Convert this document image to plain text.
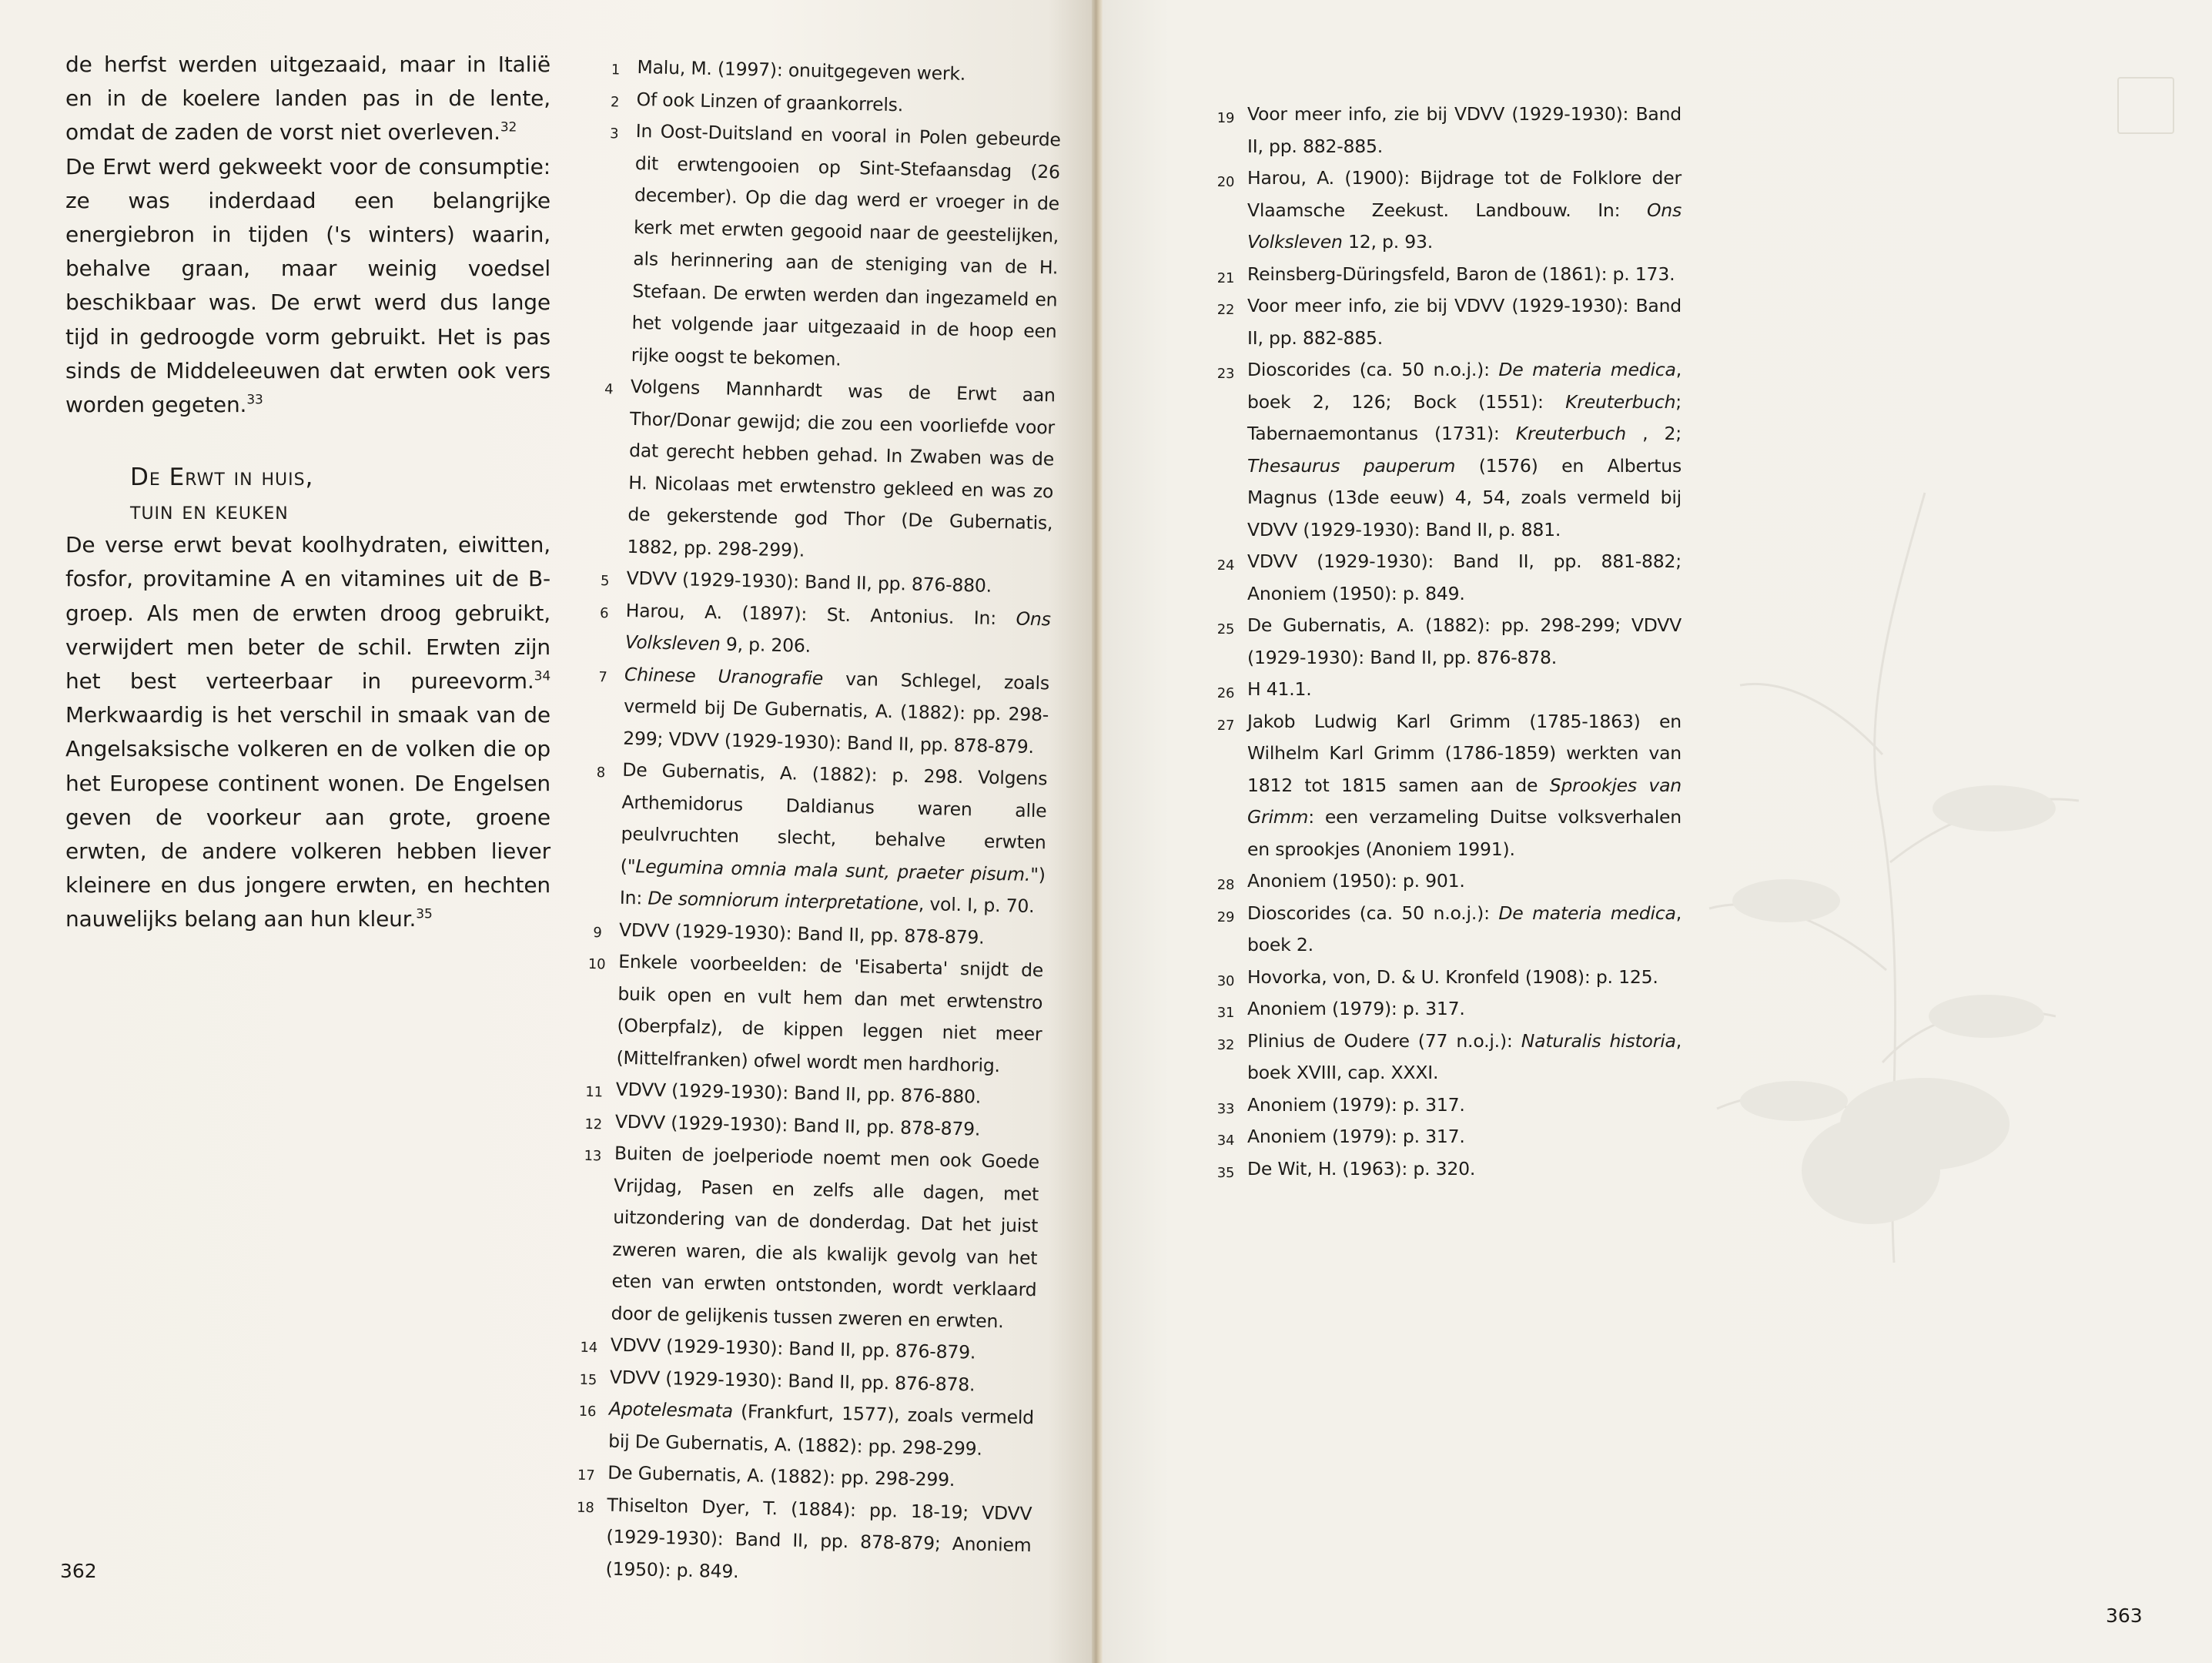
de herfst werden uitgezaaid, maar in Italië en in de koelere landen pas in de lente, omdat de zaden de vorst niet overleven.$^{32}$

De Erwt werd gekweekt voor de consumptie: ze was inderdaad een belangrijke energiebron in tijden ('s winters) waarin, behalve graan, maar weinig voedsel beschikbaar was. De erwt werd dus lange tijd in gedroogde vorm gebruikt. Het is pas sinds de Middeleeuwen dat erwten ook vers worden gegeten.$^{33}$

De Erwt in huis,
tuin en keuken

De verse erwt bevat koolhydraten, eiwitten, fosfor, provitamine A en vitamines uit de B-groep. Als men de erwten droog gebruikt, verwijdert men beter de schil. Erwten zijn het best verteerbaar in pureevorm.$^{34}$ Merkwaardig is het verschil in smaak van de Angelsaksische volkeren en de volken die op het Europese continent wonen. De Engelsen geven de voorkeur aan grote, groene erwten, de andere volkeren hebben liever kleinere en dus jongere erwten, en hechten nauwelijks belang aan hun kleur.$^{35}$

1 Malu, M. (1997): onuitgegeven werk.
2 Of ook Linzen of graankorrels.
3 In Oost-Duitsland en vooral in Polen gebeurde dit erwtengooien op Sint-Stefaansdag (26 december). Op die dag werd er vroeger in de kerk met erwten gegooid naar de geestelijken, als herinnering aan de steniging van de H. Stefaan. De erwten werden dan ingezameld en het volgende jaar uitgezaaid in de hoop een rijke oogst te bekomen.
4 Volgens Mannhardt was de Erwt aan Thor/Donar gewijd; die zou een voorliefde voor dat gerecht hebben gehad. In Zwaben was de H. Nicolaas met erwtenstro gekleed en was zo de gekerstende god Thor (De Gubernatis, 1882, pp. 298-299).
5 VDVV (1929-1930): Band II, pp. 876-880.
6 Harou, A. (1897): St. Antonius. In: Ons Volksleven 9, p. 206.
7 Chinese Uranografie van Schlegel, zoals vermeld bij De Gubernatis, A. (1882): pp. 298-299; VDVV (1929-1930): Band II, pp. 878-879.
8 De Gubernatis, A. (1882): p. 298. Volgens Arthemidorus Daldianus waren alle peulvruchten slecht, behalve erwten ("Legumina omnia mala sunt, praeter pisum.") In: De somniorum interpretatione, vol. I, p. 70.
9 VDVV (1929-1930): Band II, pp. 878-879.
10 Enkele voorbeelden: de 'Eisaberta' snijdt de buik open en vult hem dan met erwtenstro (Oberpfalz), de kippen leggen niet meer (Mittelfranken) ofwel wordt men hardhorig.
11 VDVV (1929-1930): Band II, pp. 876-880.
12 VDVV (1929-1930): Band II, pp. 878-879.
13 Buiten de joelperiode noemt men ook Goede Vrijdag, Pasen en zelfs alle dagen, met uitzondering van de donderdag. Dat het juist zweren waren, die als kwalijk gevolg van het eten van erwten ontstonden, wordt verklaard door de gelijkenis tussen zweren en erwten.
14 VDVV (1929-1930): Band II, pp. 876-879.
15 VDVV (1929-1930): Band II, pp. 876-878.
16 Apotelesmata (Frankfurt, 1577), zoals vermeld bij De Gubernatis, A. (1882): pp. 298-299.
17 De Gubernatis, A. (1882): pp. 298-299.
18 Thiselton Dyer, T. (1884): pp. 18-19; VDVV (1929-1930): Band II, pp. 878-879; Anoniem (1950): p. 849.
362
363
19 Voor meer info, zie bij VDVV (1929-1930): Band II, pp. 882-885.
20 Harou, A. (1900): Bijdrage tot de Folklore der Vlaamsche Zeekust. Landbouw. In: Ons Volksleven 12, p. 93.
21 Reinsberg-Düringsfeld, Baron de (1861): p. 173.
22 Voor meer info, zie bij VDVV (1929-1930): Band II, pp. 882-885.
23 Dioscorides (ca. 50 n.o.j.): De materia medica, boek 2, 126; Bock (1551): Kreuterbuch; Tabernaemontanus (1731): Kreuterbuch , 2; Thesaurus pauperum (1576) en Albertus Magnus (13de eeuw) 4, 54, zoals vermeld bij VDVV (1929-1930): Band II, p. 881.
24 VDVV (1929-1930): Band II, pp. 881-882; Anoniem (1950): p. 849.
25 De Gubernatis, A. (1882): pp. 298-299; VDVV (1929-1930): Band II, pp. 876-878.
26 H 41.1.
27 Jakob Ludwig Karl Grimm (1785-1863) en Wilhelm Karl Grimm (1786-1859) werkten van 1812 tot 1815 samen aan de Sprookjes van Grimm: een verzameling Duitse volksverhalen en sprookjes (Anoniem 1991).
28 Anoniem (1950): p. 901.
29 Dioscorides (ca. 50 n.o.j.): De materia medica, boek 2.
30 Hovorka, von, D. & U. Kronfeld (1908): p. 125.
31 Anoniem (1979): p. 317.
32 Plinius de Oudere (77 n.o.j.): Naturalis historia, boek XVIII, cap. XXXI.
33 Anoniem (1979): p. 317.
34 Anoniem (1979): p. 317.
35 De Wit, H. (1963): p. 320.
